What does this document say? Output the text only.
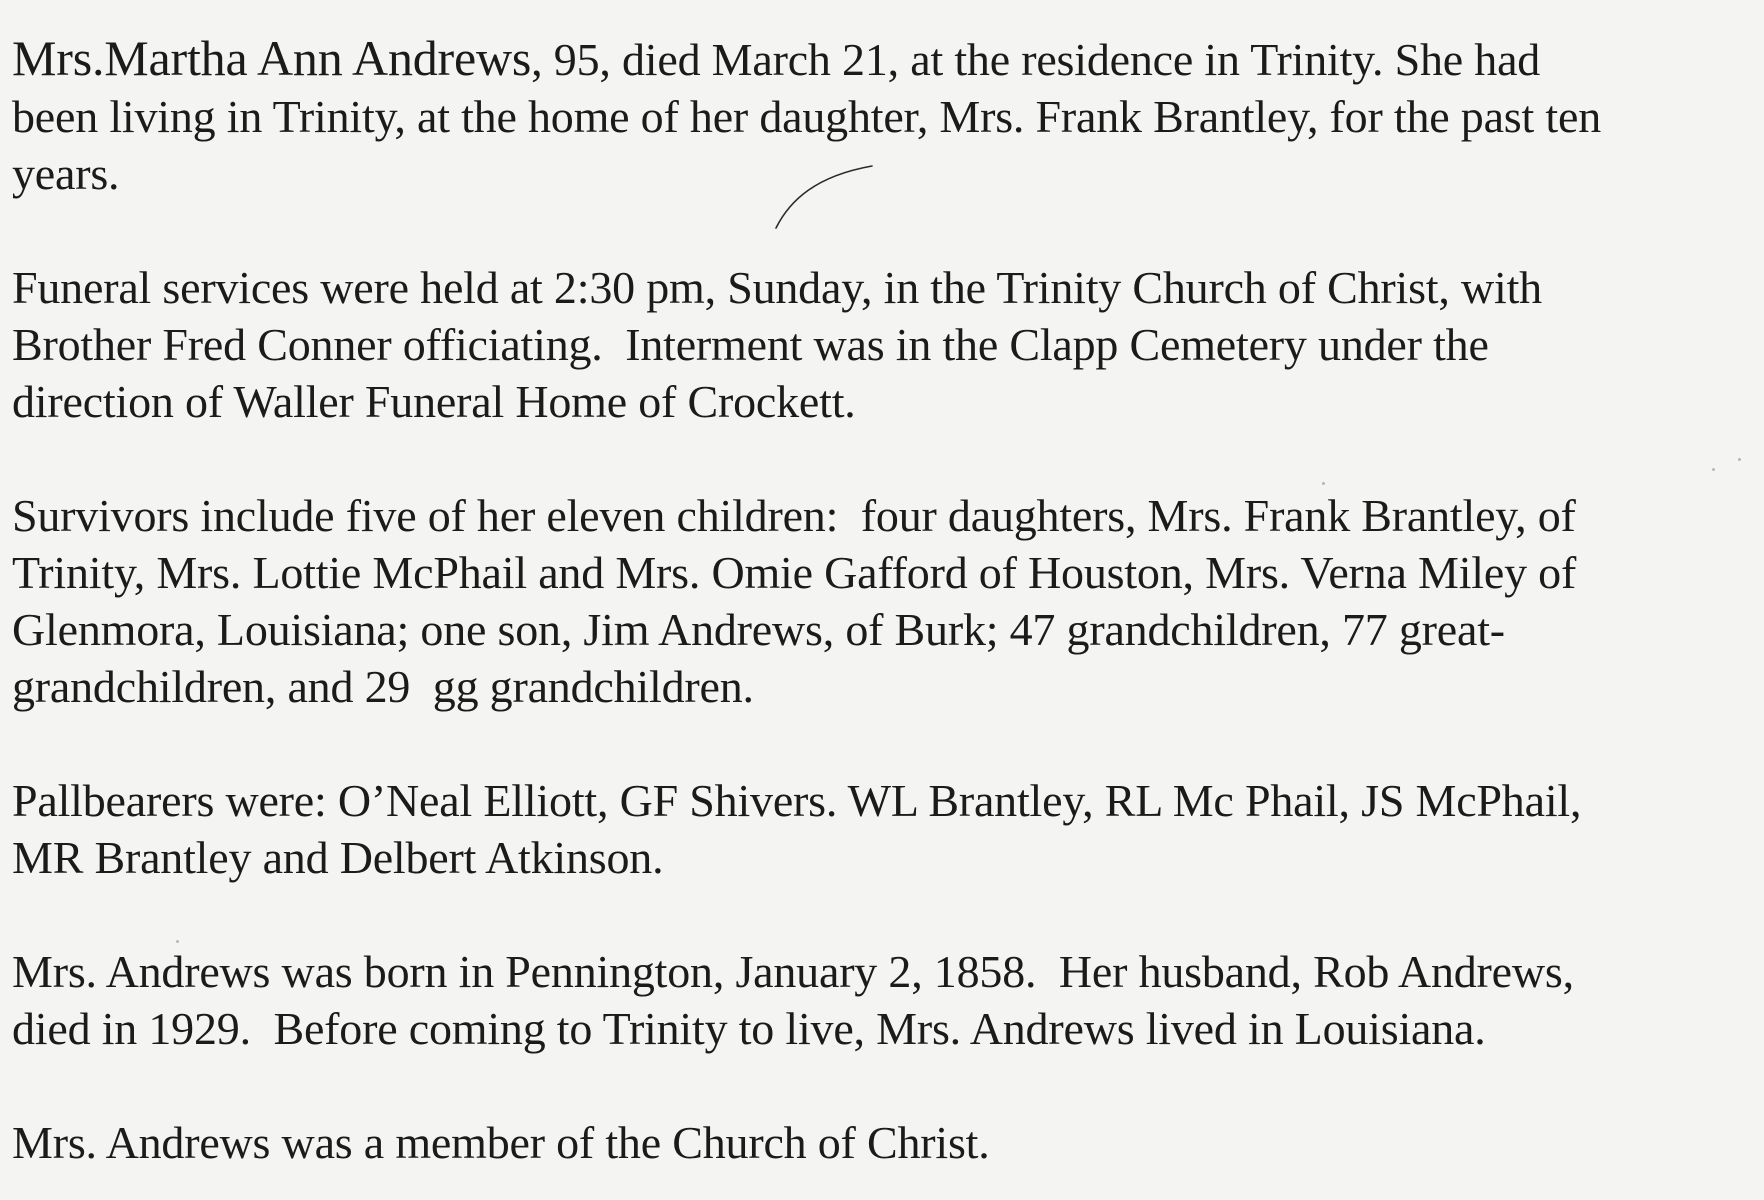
Mrs.Martha Ann Andrews, 95, died March 21, at the residence in Trinity. She had
been living in Trinity, at the home of her daughter, Mrs. Frank Brantley, for the past ten
years.

Funeral services were held at 2:30 pm, Sunday, in the Trinity Church of Christ, with
Brother Fred Conner officiating.  Interment was in the Clapp Cemetery under the
direction of Waller Funeral Home of Crockett.

Survivors include five of her eleven children:  four daughters, Mrs. Frank Brantley, of
Trinity, Mrs. Lottie McPhail and Mrs. Omie Gafford of Houston, Mrs. Verna Miley of
Glenmora, Louisiana; one son, Jim Andrews, of Burk; 47 grandchildren, 77 great-
grandchildren, and 29  gg grandchildren.

Pallbearers were: O’Neal Elliott, GF Shivers. WL Brantley, RL Mc Phail, JS McPhail,
MR Brantley and Delbert Atkinson.

Mrs. Andrews was born in Pennington, January 2, 1858.  Her husband, Rob Andrews,
died in 1929.  Before coming to Trinity to live, Mrs. Andrews lived in Louisiana.

Mrs. Andrews was a member of the Church of Christ.
